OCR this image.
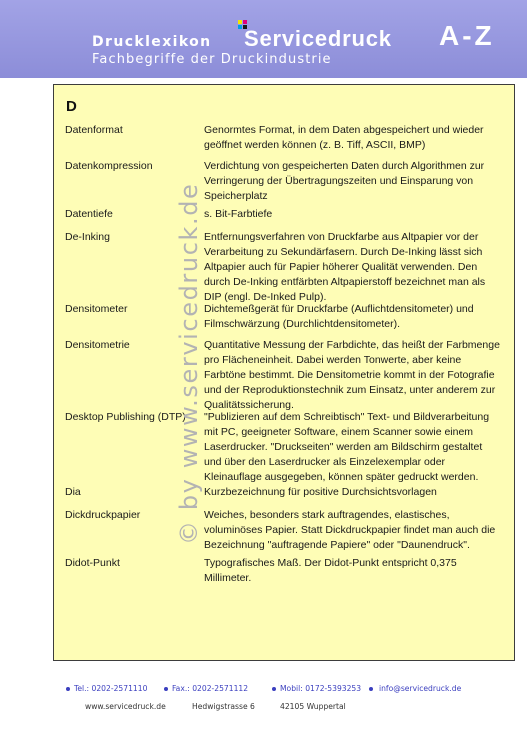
Drucklexikon

Fachbegriffe der Druckindustrie

Servicedruck A-Z
D
Datenformat	Genormtes Format, in dem Daten abgespeichert und wieder geöffnet werden können (z. B. Tiff, ASCII, BMP)
Datenkompression	Verdichtung von gespeicherten Daten durch Algorithmen zur Verringerung der Übertragungszeiten und Einsparung von Speicherplatz
Datentiefe	s. Bit-Farbtiefe
De-Inking	Entfernungsverfahren von Druckfarbe aus Altpapier vor der Verarbeitung zu Sekundärfasern. Durch De-Inking lässt sich Altpapier auch für Papier höherer Qualität verwenden. Den durch De-Inking entfärbten Altpapierstoff bezeichnet man als DIP (engl. De-Inked Pulp).
Densitometer	Dichtemeßgerät für Druckfarbe (Auflichtdensitometer) und Filmschwärzung (Durchlichtdensitometer).
Densitometrie	Quantitative Messung der Farbdichte, das heißt der Farbmenge pro Flächeneinheit. Dabei werden Tonwerte, aber keine Farbtöne bestimmt. Die Densitometrie kommt in der Fotografie und der Reproduktionstechnik zum Einsatz, unter anderem zur Qualitätssicherung.
Desktop Publishing (DTP)	"Publizieren auf dem Schreibtisch" Text- und Bildverarbeitung mit PC, geeigneter Software, einem Scanner sowie einem Laserdrucker. "Druckseiten" werden am Bildschirm gestaltet und über den Laserdrucker als Einzelexemplar oder Kleinauflage ausgegeben, können später gedruckt werden.
Dia	Kurzbezeichnung für positive Durchsichtsvorlagen
Dickdruckpapier	Weiches, besonders stark auftragendes, elastisches, voluminöses Papier. Statt Dickdruckpapier findet man auch die Bezeichnung "auftragende Papiere" oder "Daunendruck".
Didot-Punkt	Typografisches Maß. Der Didot-Punkt entspricht 0,375 Millimeter.
© by www.servicedruck.de
Tel.: 0202-2571110	Fax.: 0202-2571112	Mobil: 0172-5393253 info@servicedruck.de
www.servicedruck.de	Hedwigstrasse 6	42105 Wuppertal
